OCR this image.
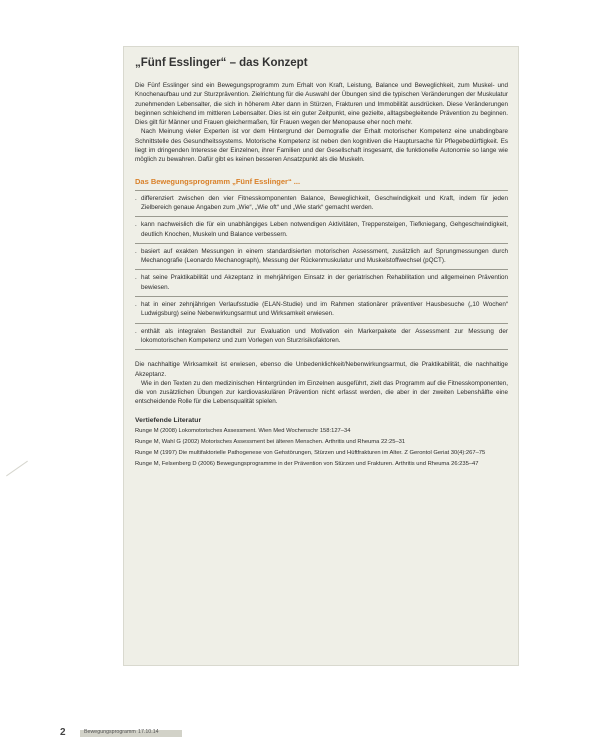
„Fünf Esslinger“ – das Konzept

Die Fünf Esslinger sind ein Bewegungsprogramm zum Erhalt von Kraft, Leistung, Balance und Beweglichkeit, zum Muskel- und Knochenaufbau und zur Sturzprävention. Zielrichtung für die Auswahl der Übungen sind die typischen Veränderungen der Muskulatur zunehmenden Lebensalter, die sich in höherem Alter dann in Stürzen, Frakturen und Immobilität ausdrücken. Diese Veränderungen beginnen schleichend im mittleren Lebensalter. Dies ist ein guter Zeitpunkt, eine gezielte, alltagsbegleitende Prävention zu beginnen. Dies gilt für Männer und Frauen gleichermaßen, für Frauen wegen der Menopause eher noch mehr.

Nach Meinung vieler Experten ist vor dem Hintergrund der Demografie der Erhalt motorischer Kompetenz eine unabdingbare Schnittstelle des Gesundheitssystems. Motorische Kompetenz ist neben den kognitiven die Hauptursache für Pflegebedürftigkeit. Es liegt im dringenden Interesse der Einzelnen, ihrer Familien und der Gesellschaft insgesamt, die funktionelle Autonomie so lange wie möglich zu bewahren. Dafür gibt es keinen besseren Ansatzpunkt als die Muskeln.

Das Bewegungsprogramm „Fünf Esslinger“ ...
. differenziert zwischen den vier Fitnesskomponenten Balance, Beweglichkeit, Geschwindigkeit und Kraft, indem für jeden Zielbereich genaue Angaben zum „Wie“, „Wie oft“ und „Wie stark“ gemacht werden.
. kann nachweislich die für ein unabhängiges Leben notwendigen Aktivitäten, Treppensteigen, Tiefkniegang, Gehgeschwindigkeit, deutlich Knochen, Muskeln und Balance verbessern.
. basiert auf exakten Messungen in einem standardisierten motorischen Assessment, zusätzlich auf Sprungmessungen durch Mechanografie (Leonardo Mechanograph), Messung der Rückenmuskulatur und Muskelstoffwechsel (pQCT).
. hat seine Praktikabilität und Akzeptanz in mehrjährigen Einsatz in der geriatrischen Rehabilitation und allgemeinen Prävention bewiesen.
. hat in einer zehnjährigen Verlaufsstudie (ELAN-Studie) und im Rahmen stationärer präventiver Hausbesuche („10 Wochen“ Ludwigsburg) seine Nebenwirkungsarmut und Wirksamkeit erwiesen.
. enthält als integralen Bestandteil zur Evaluation und Motivation ein Markerpakete der Assessment zur Messung der lokomotorischen Kompetenz und zum Vorlegen von Sturzrisikofaktoren.

Die nachhaltige Wirksamkeit ist erwiesen, ebenso die Unbedenklichkeit/Nebenwirkungsarmut, die Praktikabilität, die nachhaltige Akzeptanz.

Wie in den Texten zu den medizinischen Hintergründen im Einzelnen ausgeführt, zielt das Programm auf die Fitnesskomponenten, die von zusätzlichen Übungen zur kardiovaskulären Prävention nicht erfasst werden, die aber in der zweiten Lebenshälfte eine entscheidende Rolle für die Lebensqualität spielen.

Vertiefende Literatur

Runge M (2008) Lokomotorisches Assessment. Wien Med Wochenschr 158:127–34

Runge M, Wahl G (2002) Motorisches Assessment bei älteren Menschen. Arthritis und Rheuma 22:25–31

Runge M (1997) Die multifaktorielle Pathogenese von Gehstörungen, Stürzen und Hüftfrakturen im Alter. Z Gerontol Geriat 30(4):267–75

Runge M, Felsenberg D (2006) Bewegungsprogramme in der Prävention von Stürzen und Frakturen. Arthritis und Rheuma 26:235–47

2	Bewegungsprogramm 17.10.14
